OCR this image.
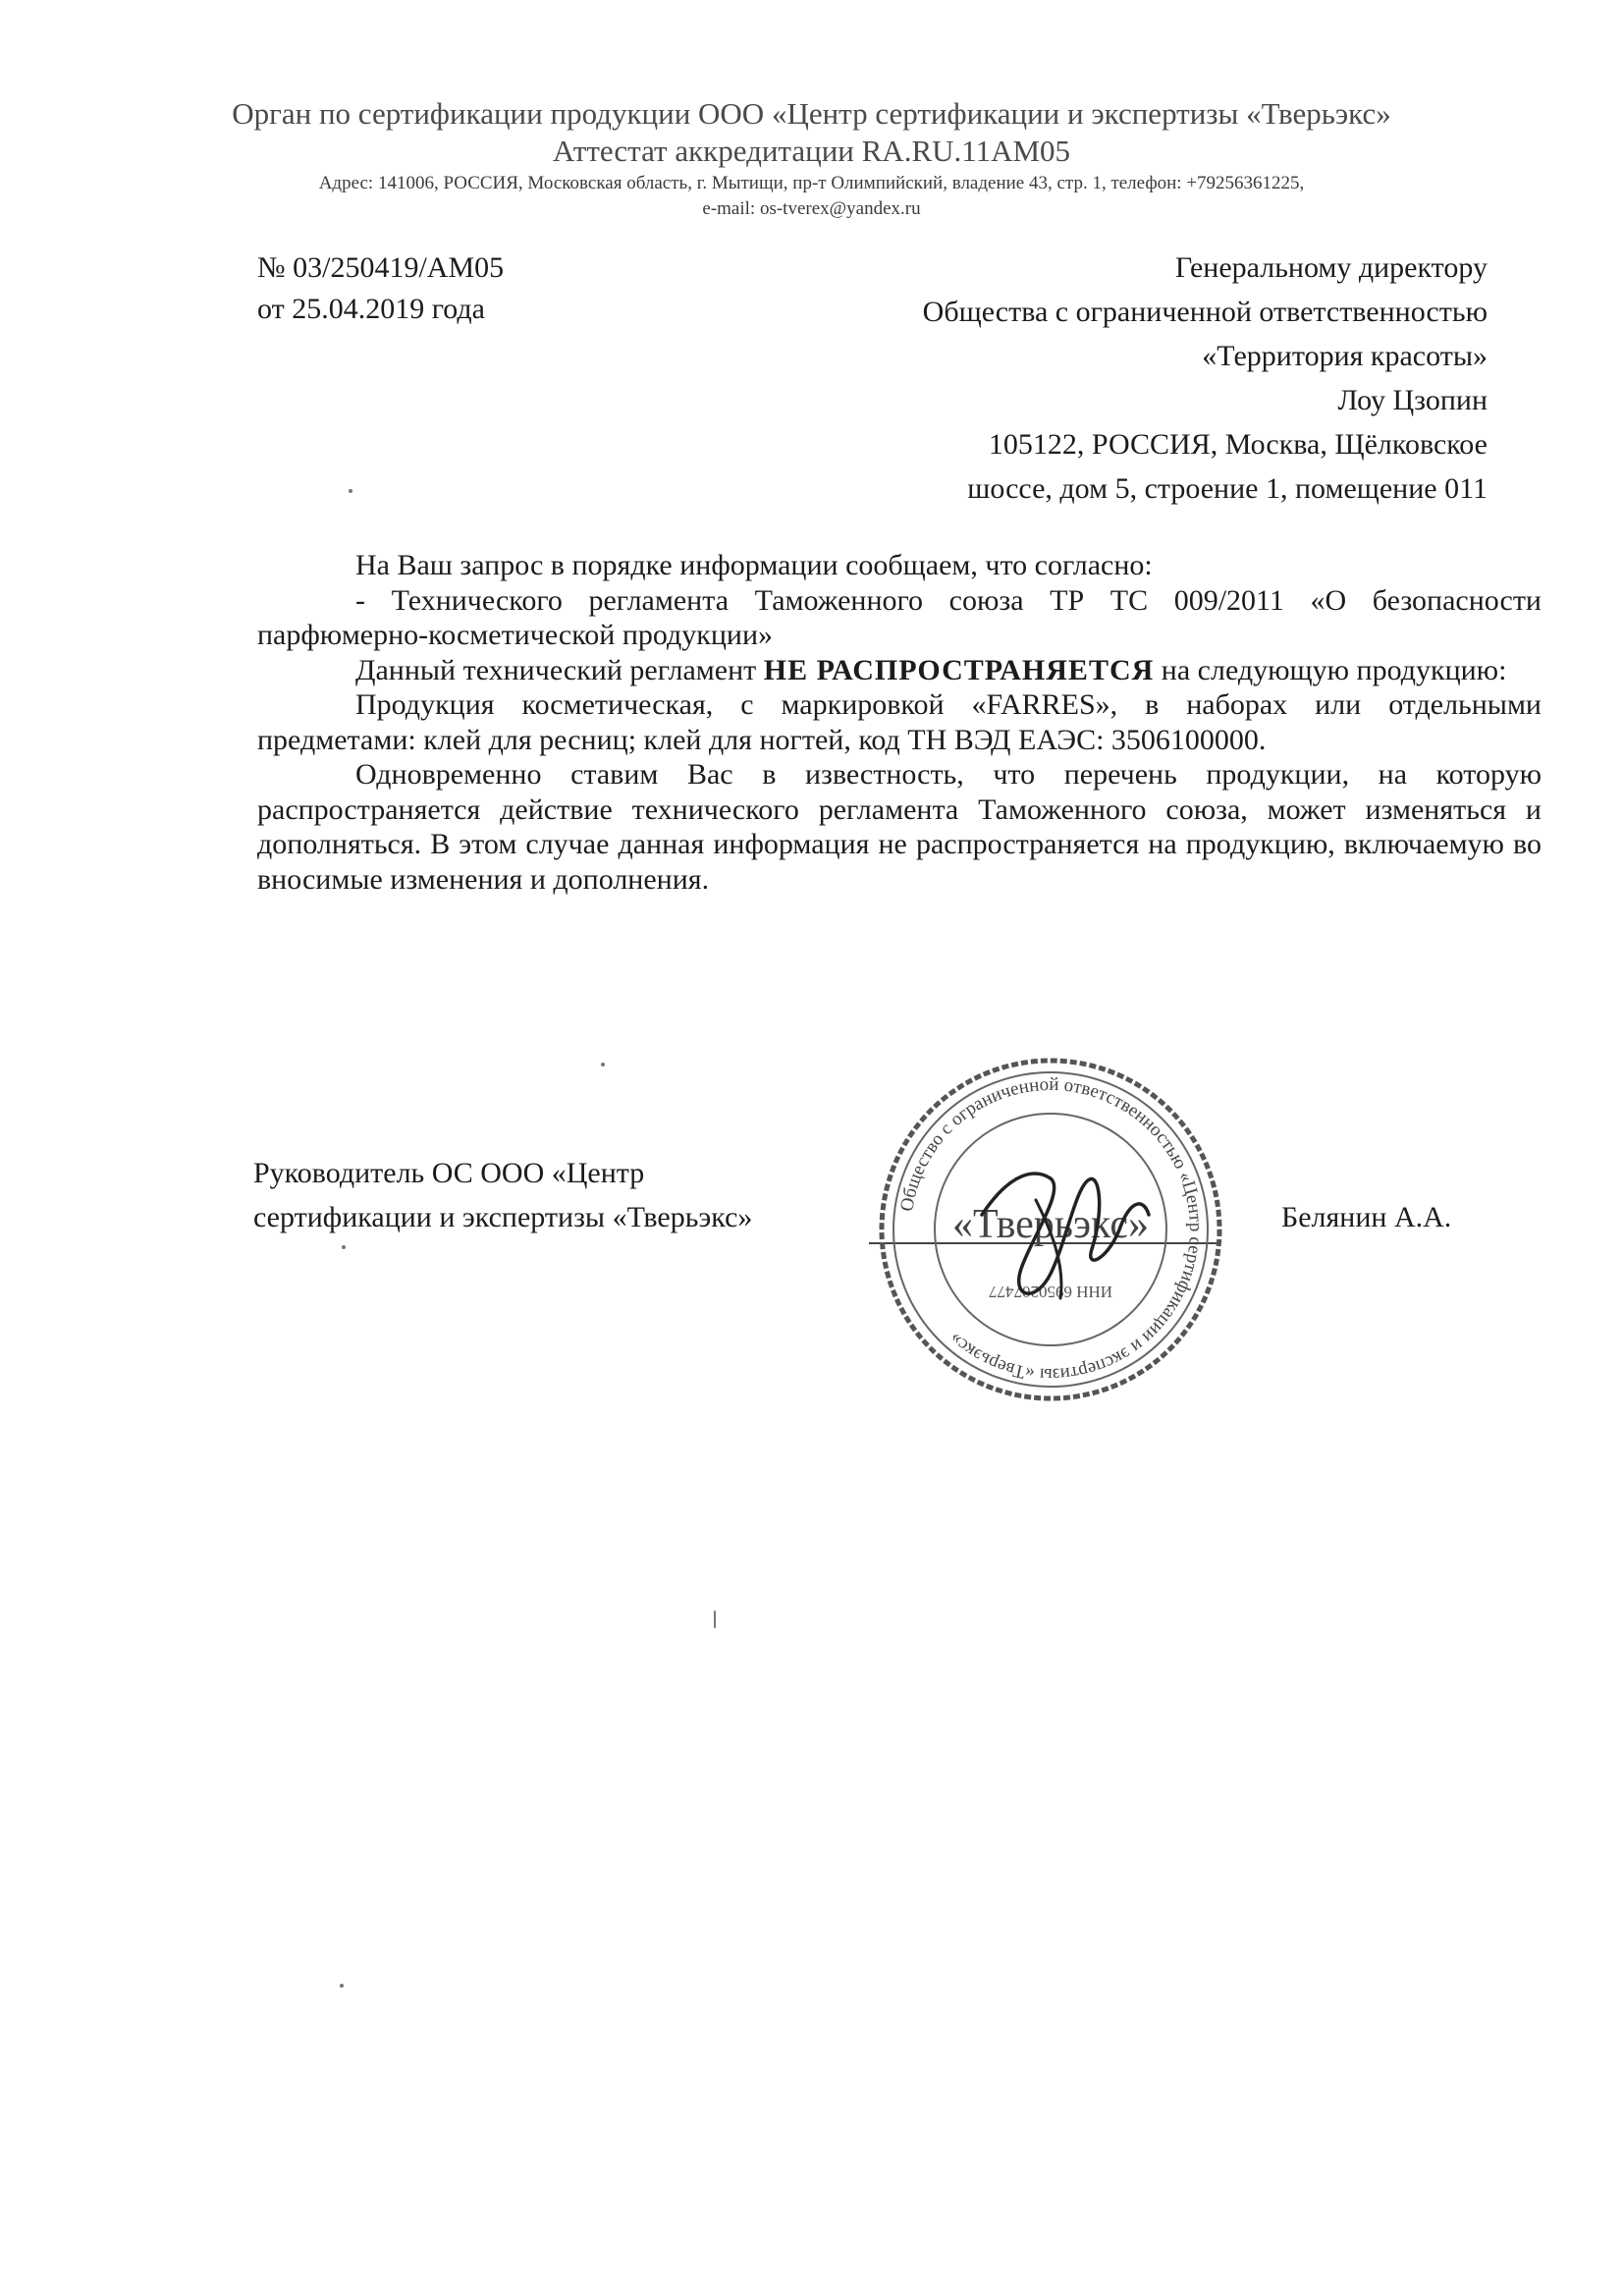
Орган по сертификации продукции ООО «Центр сертификации и экспертизы «Тверьэкс»
Аттестат аккредитации RA.RU.11AM05
Адрес: 141006, РОССИЯ, Московская область, г. Мытищи, пр-т Олимпийский, владение 43, стр. 1, телефон: +79256361225,
e-mail: os-tverex@yandex.ru
№ 03/250419/AM05
от 25.04.2019 года
Генеральному директору
Общества с ограниченной ответственностью
«Территория красоты»
Лоу Цзопин
105122, РОССИЯ, Москва, Щёлковское
шоссе, дом 5, строение 1, помещение 011

На Ваш запрос в порядке информации сообщаем, что согласно:

- Технического регламента Таможенного союза ТР ТС 009/2011 «О безопасности парфюмерно-косметической продукции»

Данный технический регламент НЕ РАСПРОСТРАНЯЕТСЯ на следующую продукцию:

Продукция косметическая, с маркировкой «FARRES», в наборах или отдельными предметами: клей для ресниц; клей для ногтей, код ТН ВЭД ЕАЭС: 3506100000.

Одновременно ставим Вас в известность, что перечень продукции, на которую распространяется действие технического регламента Таможенного союза, может изменяться и дополняться. В этом случае данная информация не распространяется на продукцию, включаемую во вносимые изменения и дополнения.

Руководитель ОС ООО «Центр
сертификации и экспертизы «Тверьэкс»	Белянин А.А.
Общество с ограниченной ответственностью «Центр сертификации и экспертизы «Тверьэкс»
«Тверьэкс»
ИНН 6950207477
